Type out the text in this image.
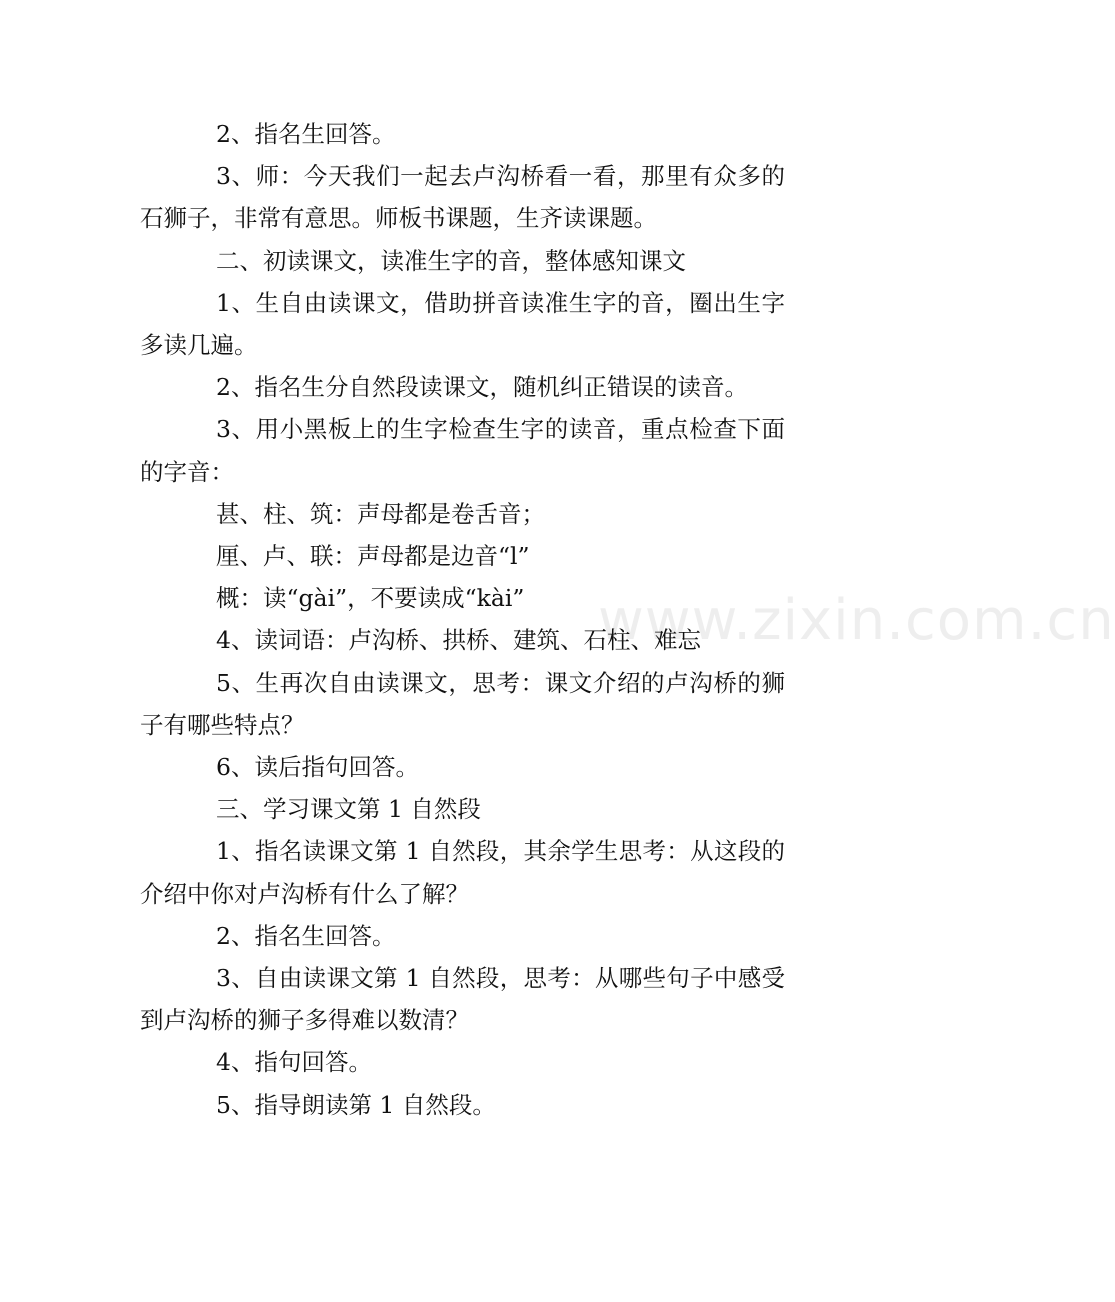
www.zixin.com.cn

2、指名生回答。

3、师：今天我们一起去卢沟桥看一看，那里有众多的石狮子，非常有意思。师板书课题，生齐读课题。

二、初读课文，读准生字的音，整体感知课文

1、生自由读课文，借助拼音读准生字的音，圈出生字多读几遍。

2、指名生分自然段读课文，随机纠正错误的读音。

3、用小黑板上的生字检查生字的读音，重点检查下面的字音：

甚、柱、筑：声母都是卷舌音；

厘、卢、联：声母都是边音“l”

概：读“gài”，不要读成“kài”

4、读词语：卢沟桥、拱桥、建筑、石柱、难忘

5、生再次自由读课文，思考：课文介绍的卢沟桥的狮子有哪些特点？

6、读后指句回答。

三、学习课文第 1 自然段

1、指名读课文第 1 自然段，其余学生思考：从这段的介绍中你对卢沟桥有什么了解？

2、指名生回答。

3、自由读课文第 1 自然段，思考：从哪些句子中感受到卢沟桥的狮子多得难以数清？

4、指句回答。

5、指导朗读第 1 自然段。
